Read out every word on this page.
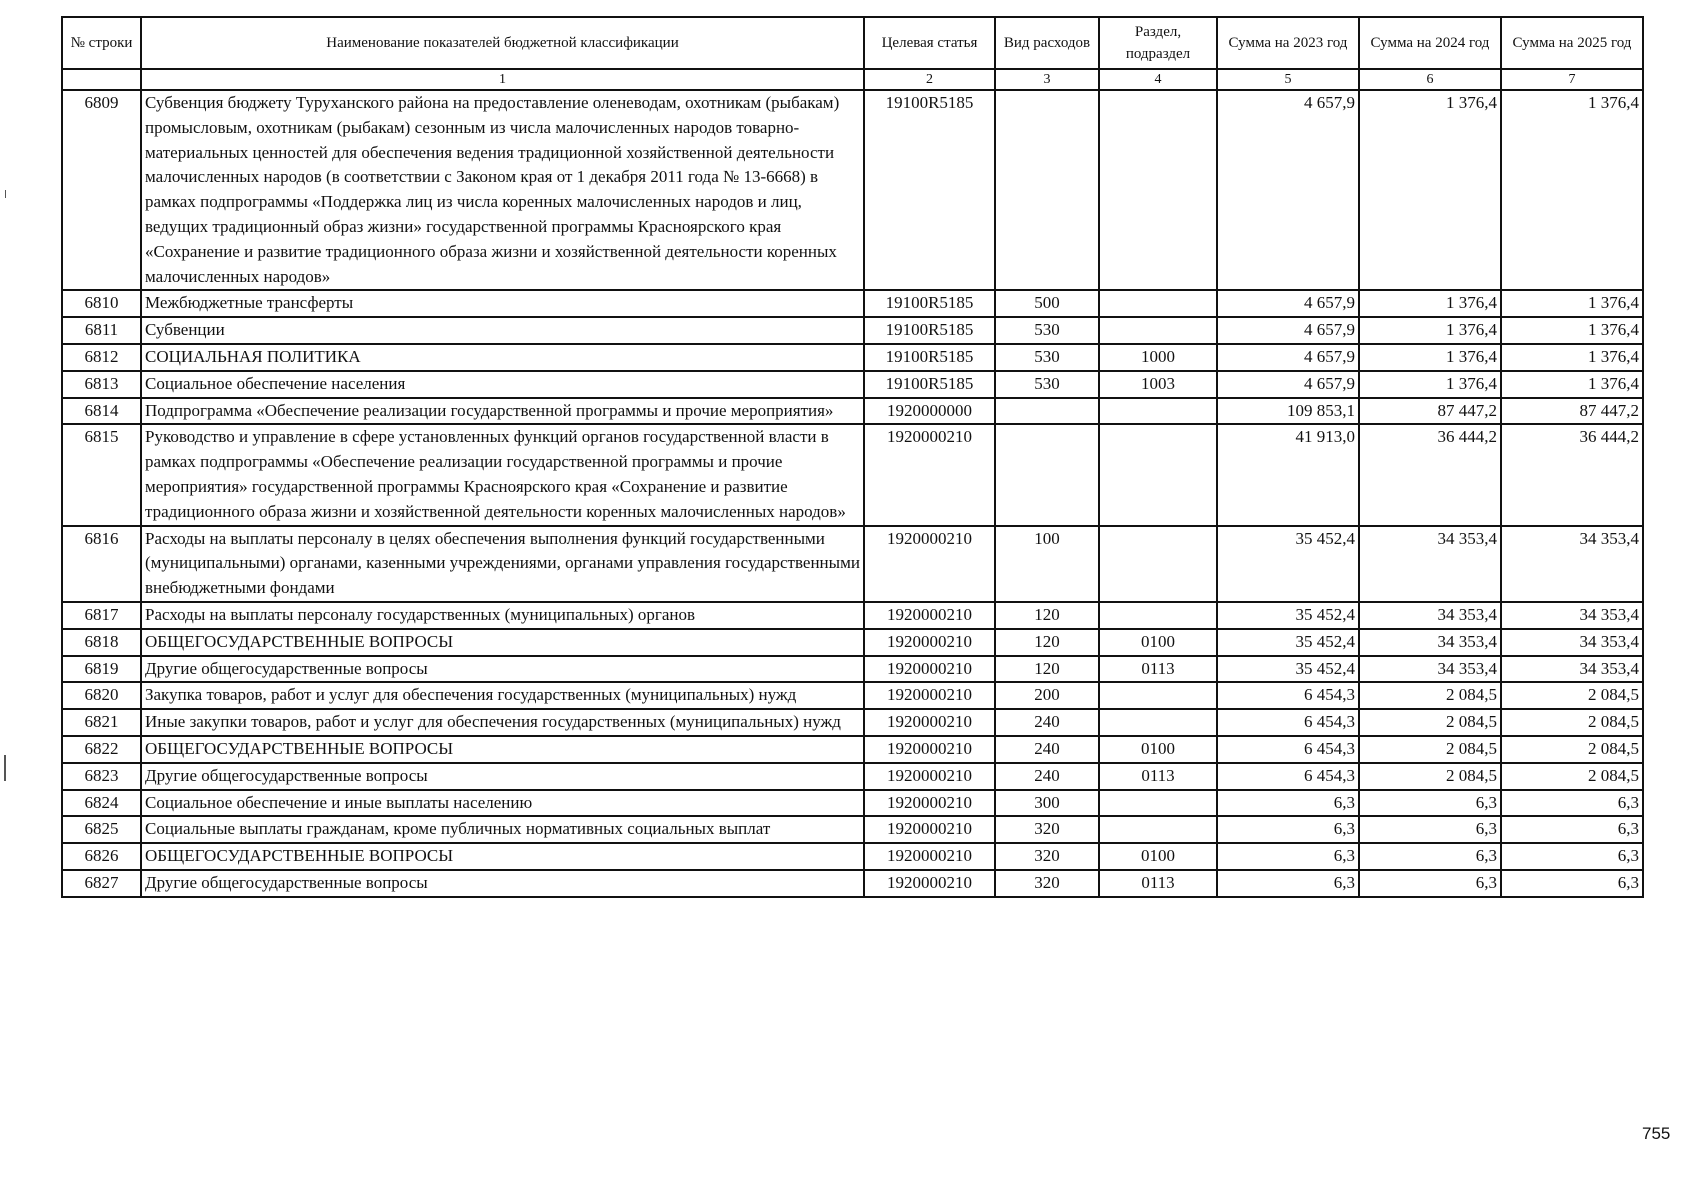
№ строки	Наименование показателей бюджетной классификации	Целевая статья	Вид расходов	Раздел, подраздел	Сумма на 2023 год	Сумма на 2024 год	Сумма на 2025 год
	1	2	3	4	5	6	7
6809	Субвенция бюджету Туруханского района на предоставление оленеводам, охотникам (рыбакам) промысловым, охотникам (рыбакам) сезонным из числа малочисленных народов товарно-материальных ценностей для обеспечения ведения традиционной хозяйственной деятельности малочисленных народов (в соответствии с Законом края от 1 декабря 2011 года № 13-6668) в рамках подпрограммы «Поддержка лиц из числа коренных малочисленных народов и лиц, ведущих традиционный образ жизни» государственной программы Красноярского края «Сохранение и развитие традиционного образа жизни и хозяйственной деятельности коренных малочисленных народов»	19100R5185			4 657,9	1 376,4	1 376,4
6810	Межбюджетные трансферты	19100R5185	500		4 657,9	1 376,4	1 376,4
6811	Субвенции	19100R5185	530		4 657,9	1 376,4	1 376,4
6812	СОЦИАЛЬНАЯ ПОЛИТИКА	19100R5185	530	1000	4 657,9	1 376,4	1 376,4
6813	Социальное обеспечение населения	19100R5185	530	1003	4 657,9	1 376,4	1 376,4
6814	Подпрограмма «Обеспечение реализации государственной программы и прочие мероприятия»	1920000000			109 853,1	87 447,2	87 447,2
6815	Руководство и управление в сфере установленных функций органов государственной власти в рамках подпрограммы «Обеспечение реализации государственной программы и прочие мероприятия» государственной программы Красноярского края «Сохранение и развитие традиционного образа жизни и хозяйственной деятельности коренных малочисленных народов»	1920000210			41 913,0	36 444,2	36 444,2
6816	Расходы на выплаты персоналу в целях обеспечения выполнения функций государственными (муниципальными) органами, казенными учреждениями, органами управления государственными внебюджетными фондами	1920000210	100		35 452,4	34 353,4	34 353,4
6817	Расходы на выплаты персоналу государственных (муниципальных) органов	1920000210	120		35 452,4	34 353,4	34 353,4
6818	ОБЩЕГОСУДАРСТВЕННЫЕ ВОПРОСЫ	1920000210	120	0100	35 452,4	34 353,4	34 353,4
6819	Другие общегосударственные вопросы	1920000210	120	0113	35 452,4	34 353,4	34 353,4
6820	Закупка товаров, работ и услуг для обеспечения государственных (муниципальных) нужд	1920000210	200		6 454,3	2 084,5	2 084,5
6821	Иные закупки товаров, работ и услуг для обеспечения государственных (муниципальных) нужд	1920000210	240		6 454,3	2 084,5	2 084,5
6822	ОБЩЕГОСУДАРСТВЕННЫЕ ВОПРОСЫ	1920000210	240	0100	6 454,3	2 084,5	2 084,5
6823	Другие общегосударственные вопросы	1920000210	240	0113	6 454,3	2 084,5	2 084,5
6824	Социальное обеспечение и иные выплаты населению	1920000210	300		6,3	6,3	6,3
6825	Социальные выплаты гражданам, кроме публичных нормативных социальных выплат	1920000210	320		6,3	6,3	6,3
6826	ОБЩЕГОСУДАРСТВЕННЫЕ ВОПРОСЫ	1920000210	320	0100	6,3	6,3	6,3
6827	Другие общегосударственные вопросы	1920000210	320	0113	6,3	6,3	6,3
755
